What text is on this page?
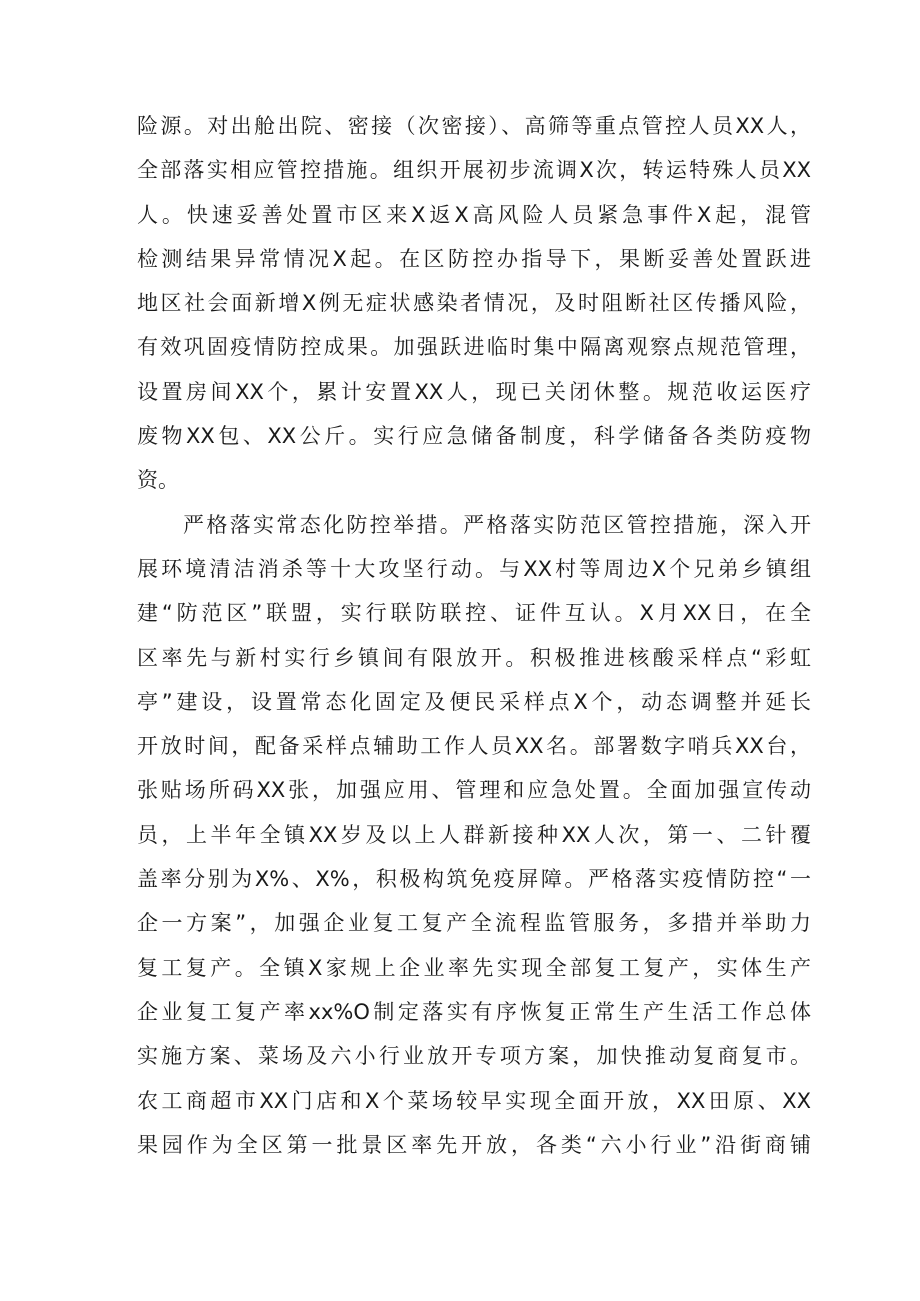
险源。对出舱出院、密接（次密接）、高筛等重点管控人员XX人，
全部落实相应管控措施。组织开展初步流调X次，转运特殊人员XX
人。快速妥善处置市区来X返X高风险人员紧急事件X起，混管
检测结果异常情况X起。在区防控办指导下，果断妥善处置跃进
地区社会面新增X例无症状感染者情况，及时阻断社区传播风险，
有效巩固疫情防控成果。加强跃进临时集中隔离观察点规范管理，
设置房间XX个，累计安置XX人，现已关闭休整。规范收运医疗
废物XX包、XX公斤。实行应急储备制度，科学储备各类防疫物
资。
严格落实常态化防控举措。严格落实防范区管控措施，深入开
展环境清洁消杀等十大攻坚行动。与XX村等周边X个兄弟乡镇组
建“防范区”联盟，实行联防联控、证件互认。X月XX日，在全
区率先与新村实行乡镇间有限放开。积极推进核酸采样点“彩虹
亭”建设，设置常态化固定及便民采样点X个，动态调整并延长
开放时间，配备采样点辅助工作人员XX名。部署数字哨兵XX台，
张贴场所码XX张，加强应用、管理和应急处置。全面加强宣传动
员，上半年全镇XX岁及以上人群新接种XX人次，第一、二针覆
盖率分别为X%、X%，积极构筑免疫屏障。严格落实疫情防控“一
企一方案”，加强企业复工复产全流程监管服务，多措并举助力
复工复产。全镇X家规上企业率先实现全部复工复产，实体生产
企业复工复产率xx%O制定落实有序恢复正常生产生活工作总体
实施方案、菜场及六小行业放开专项方案，加快推动复商复市。
农工商超市XX门店和X个菜场较早实现全面开放，XX田原、XX
果园作为全区第一批景区率先开放，各类“六小行业”沿街商铺
